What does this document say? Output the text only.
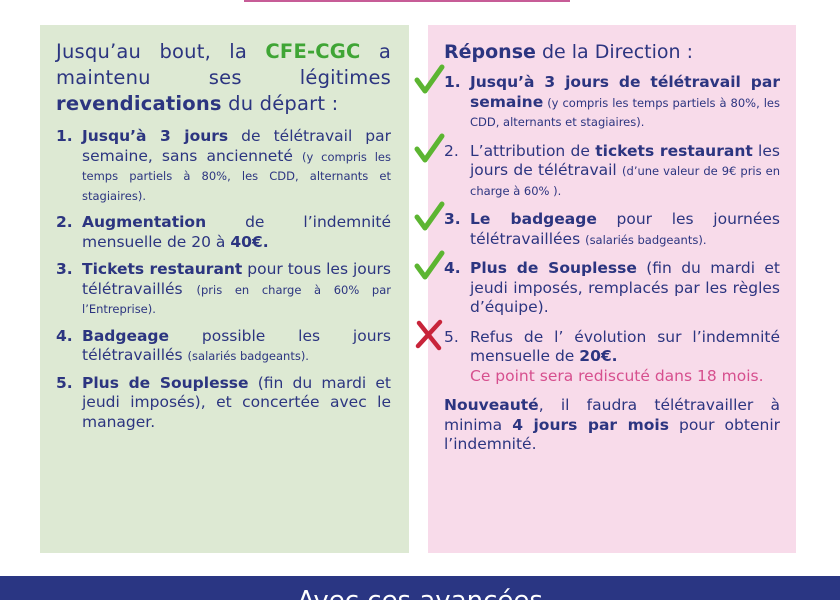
Jusqu’au bout, la CFE-CGC a maintenu ses légitimes revendications du départ :

1. Jusqu’à 3 jours de télétravail par semaine, sans ancienneté (y compris les temps partiels à 80%, les CDD, alternants et stagiaires).
2. Augmentation de l’indemnité mensuelle de 20 à 40€.
3. Tickets restaurant pour tous les jours télétravaillés (pris en charge à 60% par l’Entreprise).
4. Badgeage possible les jours télétravaillés (salariés badgeants).
5. Plus de Souplesse (fin du mardi et jeudi imposés), et concertée avec le manager.

Réponse de la Direction :

1. Jusqu’à 3 jours de télétravail par semaine (y compris les temps partiels à 80%, les CDD, alternants et stagiaires).
2. L’attribution de tickets restaurant les jours de télétravail (d’une valeur de 9€ pris en charge à 60% ).
3. Le badgeage pour les journées télétravaillées (salariés badgeants).
4. Plus de Souplesse (fin du mardi et jeudi imposés, remplacés par les règles d’équipe).
5. Refus de l’ évolution sur l’indemnité mensuelle de 20€.
Ce point sera rediscuté dans 18 mois.

Nouveauté, il faudra télétravailler à minima 4 jours par mois pour obtenir l’indemnité.

Avec ces avancées
